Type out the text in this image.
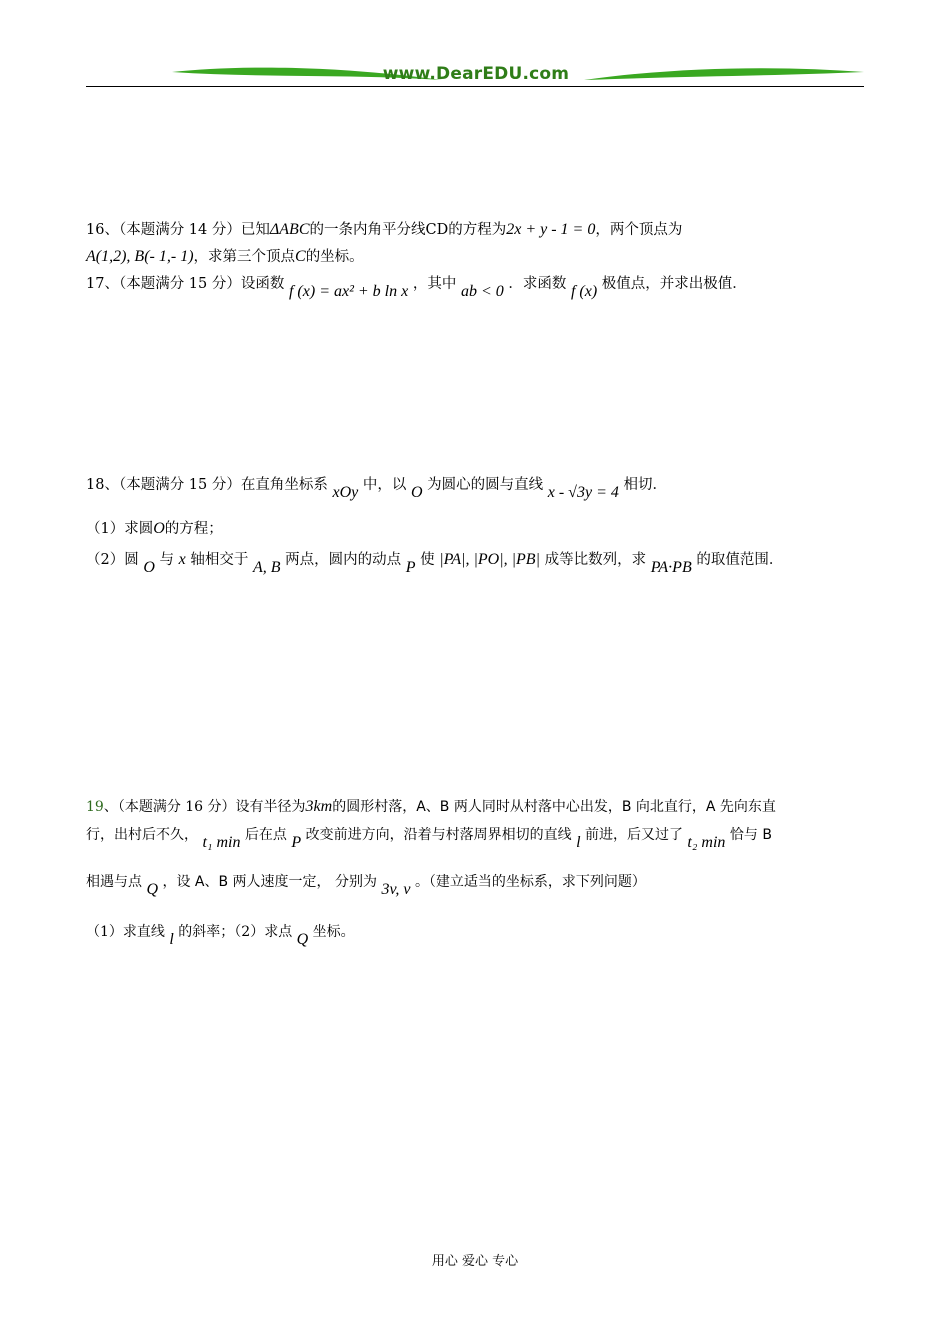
www.DearEDU.com
16、（本题满分 14 分）已知ΔABC的一条内角平分线CD的方程为2x + y - 1 = 0，两个顶点为
A(1,2), B(- 1,- 1)，求第三个顶点C的坐标。
17、（本题满分 15 分）设函数 f (x) = ax² + b ln x ，其中 ab < 0 ．求函数 f (x) 极值点，并求出极值．
18、（本题满分 15 分）在直角坐标系 xOy 中，以 O 为圆心的圆与直线 x - √3y = 4 相切．
（1）求圆O的方程；
（2）圆 O 与 x 轴相交于 A, B 两点，圆内的动点 P 使 |PA|, |PO|, |PB| 成等比数列，求 PA·PB 的取值范围．
19、（本题满分 16 分）设有半径为3km的圆形村落，A、B 两人同时从村落中心出发，B 向北直行，A 先向东直
行，出村后不久， t₁ min 后在点 P 改变前进方向，沿着与村落周界相切的直线 l 前进，后又过了 t₂ min 恰与 B
相遇与点 Q ，设 A、B 两人速度一定， 分别为 3v, v 。（建立适当的坐标系，求下列问题）
（1）求直线 l 的斜率；（2）求点 Q 坐标。
用心 爱心 专心
